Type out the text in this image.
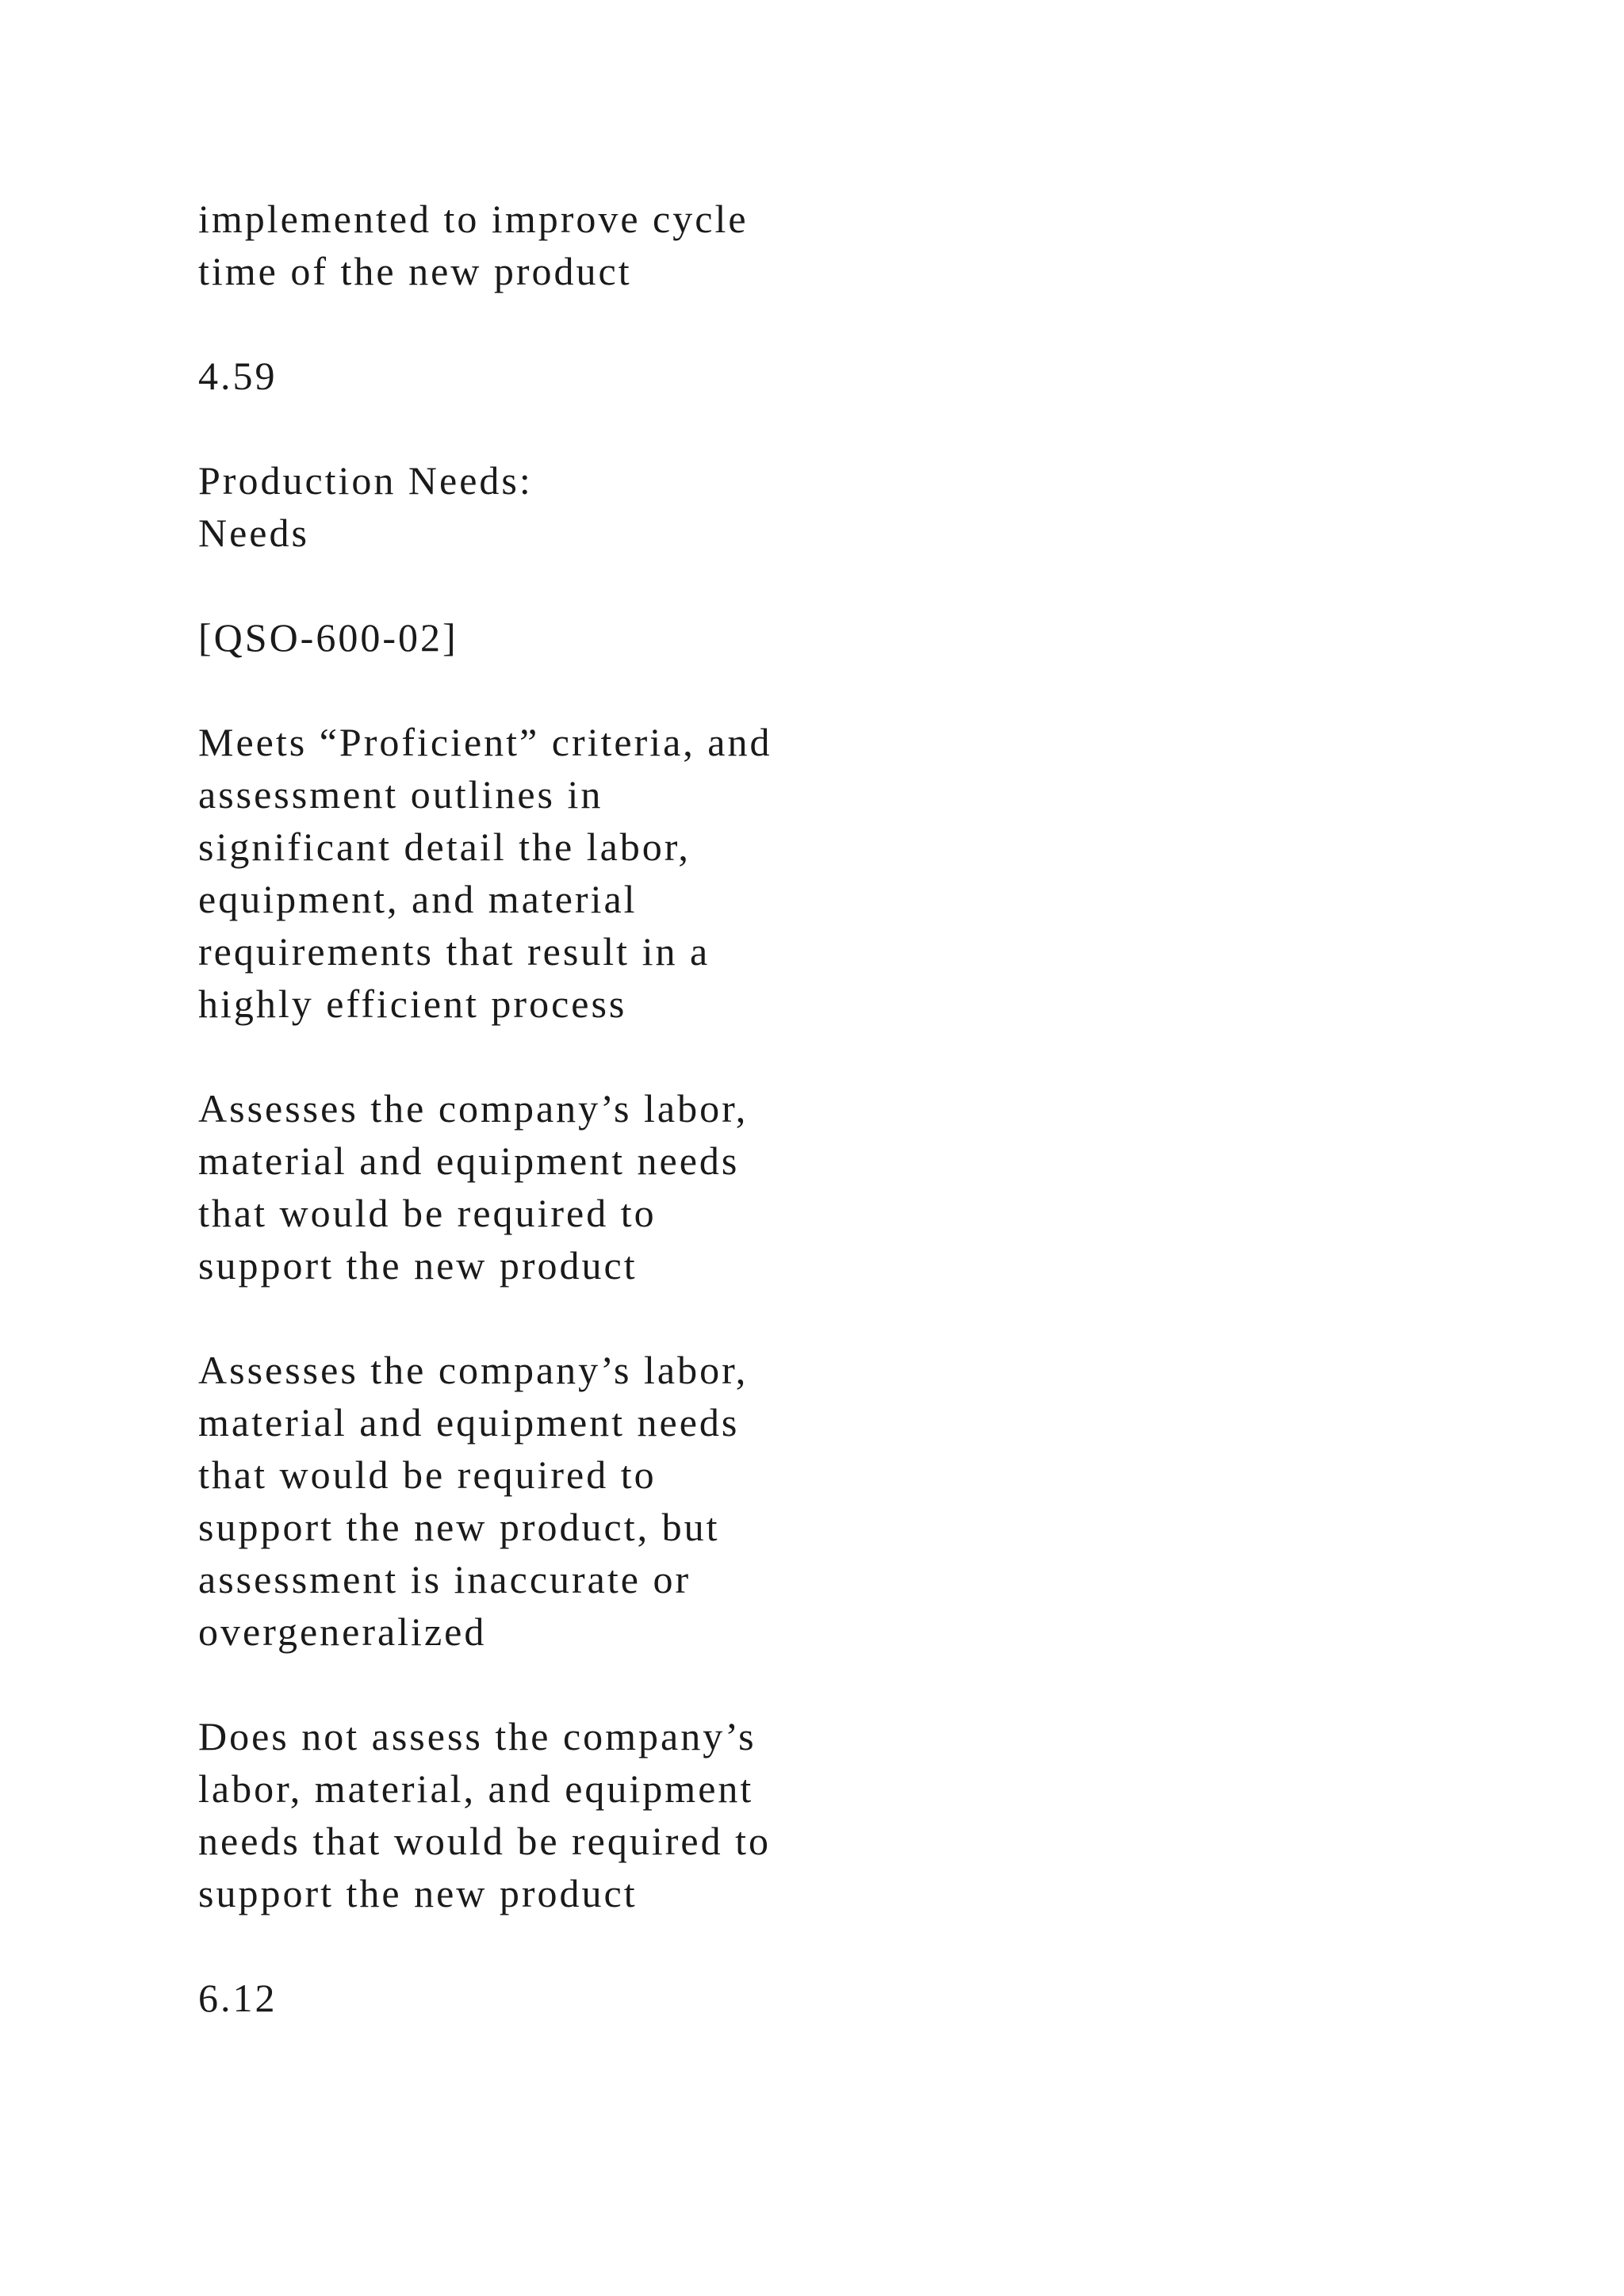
implemented to improve cycle
time of the new product

4.59

Production Needs:
Needs

[QSO-600-02]

Meets “Proficient” criteria, and
assessment outlines in
significant detail the labor,
equipment, and material
requirements that result in a
highly efficient process

Assesses the company’s labor,
material and equipment needs
that would be required to
support the new product

Assesses the company’s labor,
material and equipment needs
that would be required to
support the new product, but
assessment is inaccurate or
overgeneralized

Does not assess the company’s
labor, material, and equipment
needs that would be required to
support the new product

6.12
